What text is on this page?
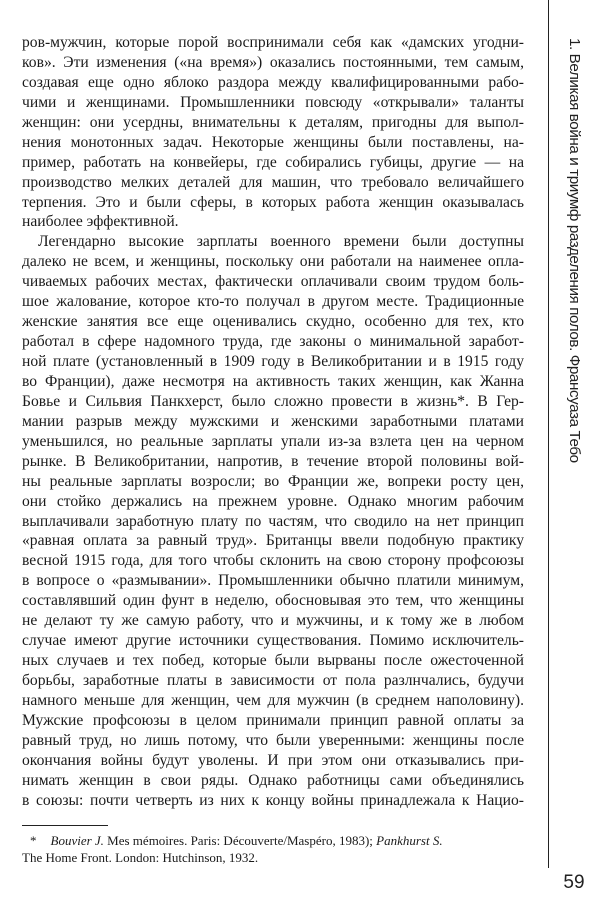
ров-мужчин, которые порой воспринимали себя как «дамских угодни-
ков». Эти изменения («на время») оказались постоянными, тем самым,
создавая еще одно яблоко раздора между квалифицированными рабо-
чими и женщинами. Промышленники повсюду «открывали» таланты
женщин: они усердны, внимательны к деталям, пригодны для выпол-
нения монотонных задач. Некоторые женщины были поставлены, на-
пример, работать на конвейеры, где собирались губицы, другие — на
производство мелких деталей для машин, что требовало величайшего
терпения. Это и были сферы, в которых работа женщин оказывалась
наиболее эффективной.
Легендарно высокие зарплаты военного времени были доступны
далеко не всем, и женщины, поскольку они работали на наименее опла-
чиваемых рабочих местах, фактически оплачивали своим трудом боль-
шое жалование, которое кто-то получал в другом месте. Традиционные
женские занятия все еще оценивались скудно, особенно для тех, кто
работал в сфере надомного труда, где законы о минимальной заработ-
ной плате (установленный в 1909 году в Великобритании и в 1915 году
во Франции), даже несмотря на активность таких женщин, как Жанна
Бовье и Сильвия Панкхерст, было сложно провести в жизнь*. В Гер-
мании разрыв между мужскими и женскими заработными платами
уменьшился, но реальные зарплаты упали из-за взлета цен на черном
рынке. В Великобритании, напротив, в течение второй половины вой-
ны реальные зарплаты возросли; во Франции же, вопреки росту цен,
они стойко держались на прежнем уровне. Однако многим рабочим
выплачивали заработную плату по частям, что сводило на нет принцип
«равная оплата за равный труд». Британцы ввели подобную практику
весной 1915 года, для того чтобы склонить на свою сторону профсоюзы
в вопросе о «размывании». Промышленники обычно платили минимум,
составлявший один фунт в неделю, обосновывая это тем, что женщины
не делают ту же самую работу, что и мужчины, и к тому же в любом
случае имеют другие источники существования. Помимо исключитель-
ных случаев и тех побед, которые были вырваны после ожесточенной
борьбы, заработные платы в зависимости от пола разлнчались, будучи
намного меньше для женщин, чем для мужчин (в среднем наполовину).
Мужские профсоюзы в целом принимали принцип равной оплаты за
равный труд, но лишь потому, что были уверенными: женщины после
окончания войны будут уволены. И при этом они отказывались при-
нимать женщин в свои ряды. Однако работницы сами объединялись
в союзы: почти четверть из них к концу войны принадлежала к Нацио-
* Bouvier J. Mes mémoires. Paris: Découverte/Maspéro, 1983); Pankhurst S.
The Home Front. London: Hutchinson, 1932.
1. Великая война и триумф разделения полов. Франсуаза Тебо
59
